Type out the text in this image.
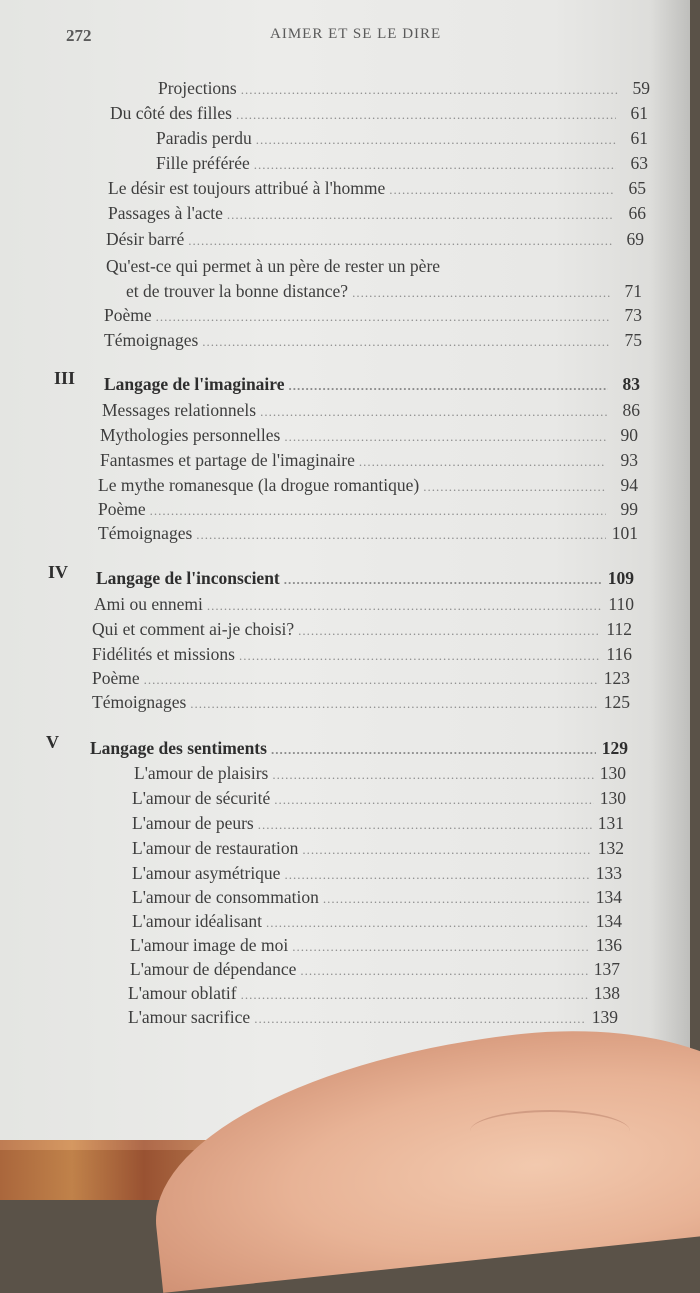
272	AIMER ET SE LE DIRE
Projections .....	59
Du côté des filles .....	61
Paradis perdu .....	61
Fille préférée .....	63
Le désir est toujours attribué à l'homme .....	65
Passages à l'acte .....	66
Désir barré .....	69
Qu'est-ce qui permet à un père de rester un père
et de trouver la bonne distance? .....	71
Poème .....	73
Témoignages .....	75
III Langage de l'imaginaire .....	83
Messages relationnels .....	86
Mythologies personnelles .....	90
Fantasmes et partage de l'imaginaire .....	93
Le mythe romanesque (la drogue romantique) .....	94
Poème .....	99
Témoignages .....	101
IV Langage de l'inconscient .....	109
Ami ou ennemi .....	110
Qui et comment ai-je choisi? .....	112
Fidélités et missions .....	116
Poème .....	123
Témoignages .....	125
V Langage des sentiments .....	129
L'amour de plaisirs .....	130
L'amour de sécurité .....	130
L'amour de peurs .....	131
L'amour de restauration .....	132
L'amour asymétrique .....	133
L'amour de consommation .....	134
L'amour idéalisant .....	134
L'amour image de moi .....	136
L'amour de dépendance .....	137
L'amour oblatif .....	138
L'amour sacrifice .....	139
